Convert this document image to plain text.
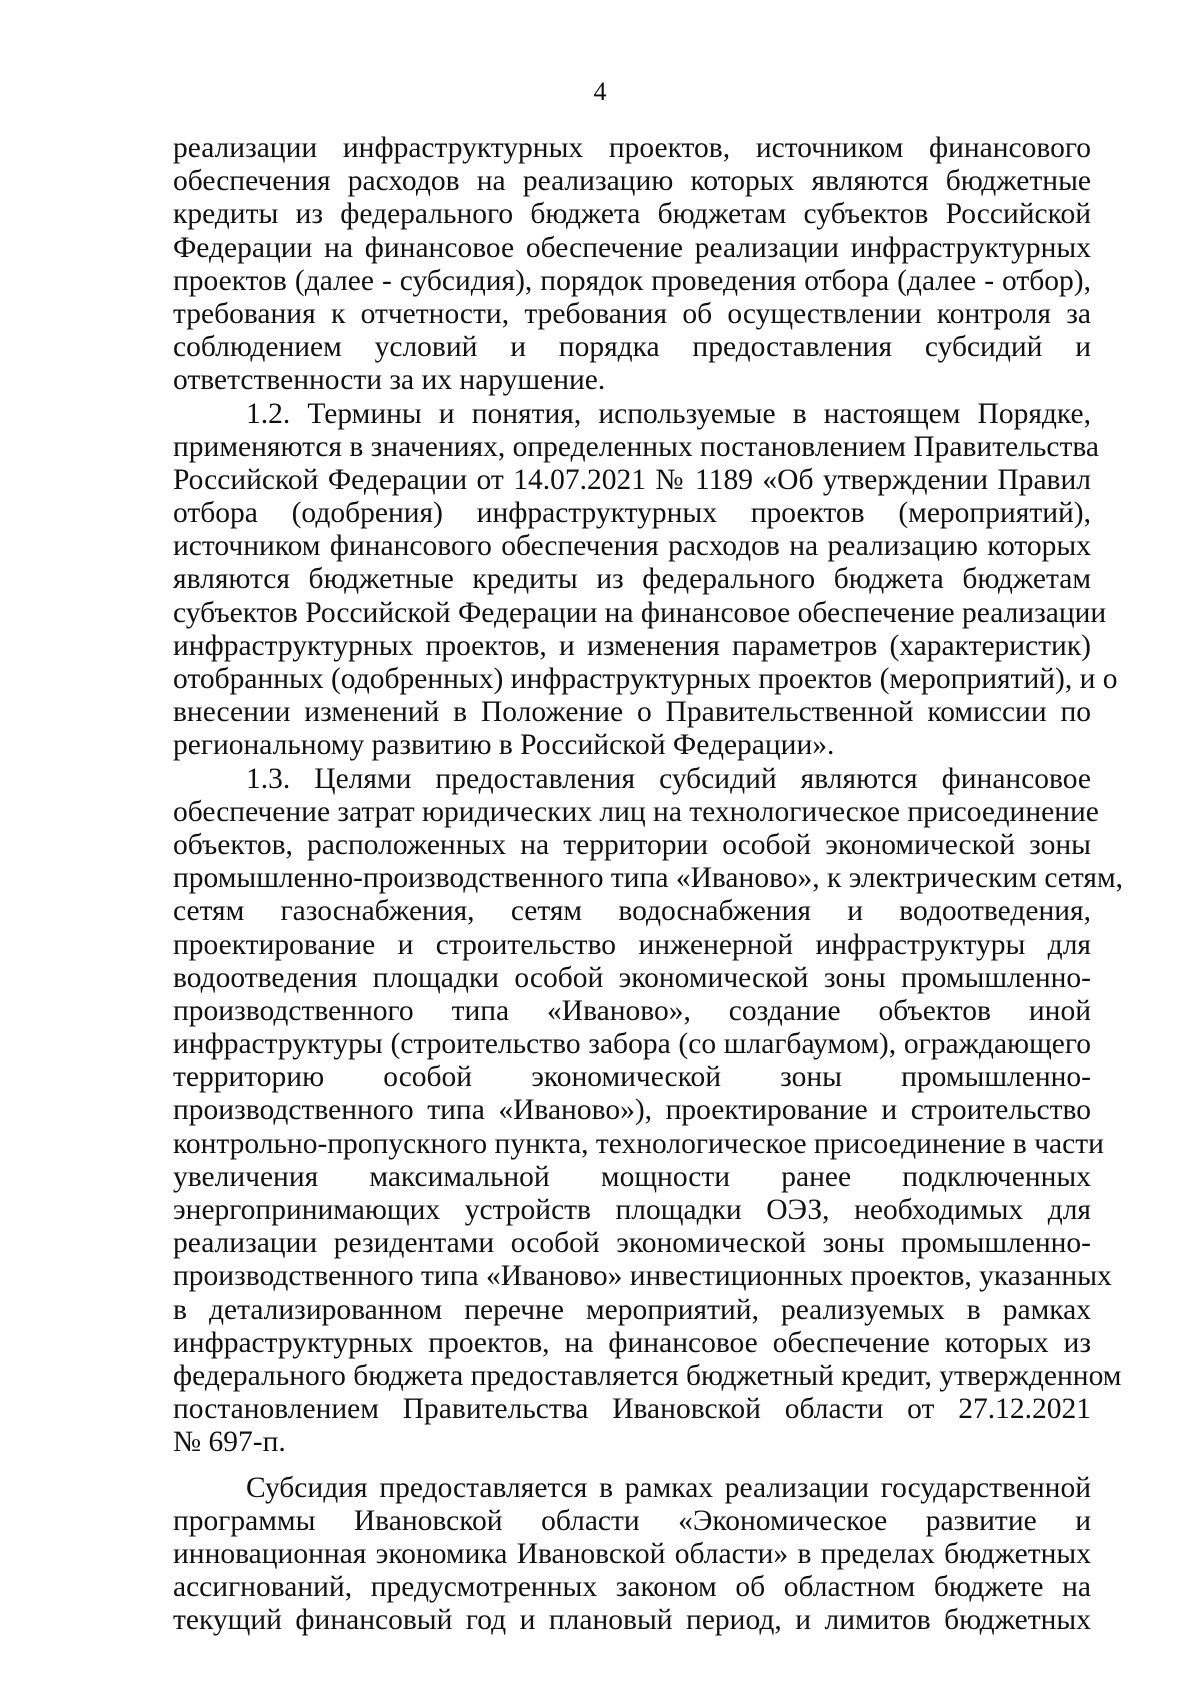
4
реализации инфраструктурных проектов, источником финансового
обеспечения расходов на реализацию которых являются бюджетные
кредиты из федерального бюджета бюджетам субъектов Российской
Федерации на финансовое обеспечение реализации инфраструктурных
проектов (далее - субсидия), порядок проведения отбора (далее - отбор),
требования к отчетности, требования об осуществлении контроля за
соблюдением условий и порядка предоставления субсидий и
ответственности за их нарушение.
1.2. Термины и понятия, используемые в настоящем Порядке,
применяются в значениях, определенных постановлением Правительства
Российской Федерации от 14.07.2021 № 1189 «Об утверждении Правил
отбора (одобрения) инфраструктурных проектов (мероприятий),
источником финансового обеспечения расходов на реализацию которых
являются бюджетные кредиты из федерального бюджета бюджетам
субъектов Российской Федерации на финансовое обеспечение реализации
инфраструктурных проектов, и изменения параметров (характеристик)
отобранных (одобренных) инфраструктурных проектов (мероприятий), и о
внесении изменений в Положение о Правительственной комиссии по
региональному развитию в Российской Федерации».
1.3. Целями предоставления субсидий являются финансовое
обеспечение затрат юридических лиц на технологическое присоединение
объектов, расположенных на территории особой экономической зоны
промышленно-производственного типа «Иваново», к электрическим сетям,
сетям газоснабжения, сетям водоснабжения и водоотведения,
проектирование и строительство инженерной инфраструктуры для
водоотведения площадки особой экономической зоны промышленно-
производственного типа «Иваново», создание объектов иной
инфраструктуры (строительство забора (со шлагбаумом), ограждающего
территорию особой экономической зоны промышленно-
производственного типа «Иваново»), проектирование и строительство
контрольно-пропускного пункта, технологическое присоединение в части
увеличения максимальной мощности ранее подключенных
энергопринимающих устройств площадки ОЭЗ, необходимых для
реализации резидентами особой экономической зоны промышленно-
производственного типа «Иваново» инвестиционных проектов, указанных
в детализированном перечне мероприятий, реализуемых в рамках
инфраструктурных проектов, на финансовое обеспечение которых из
федерального бюджета предоставляется бюджетный кредит, утвержденном
постановлением Правительства Ивановской области от 27.12.2021
№ 697-п.
Субсидия предоставляется в рамках реализации государственной
программы Ивановской области «Экономическое развитие и
инновационная экономика Ивановской области» в пределах бюджетных
ассигнований, предусмотренных законом об областном бюджете на
текущий финансовый год и плановый период, и лимитов бюджетных
